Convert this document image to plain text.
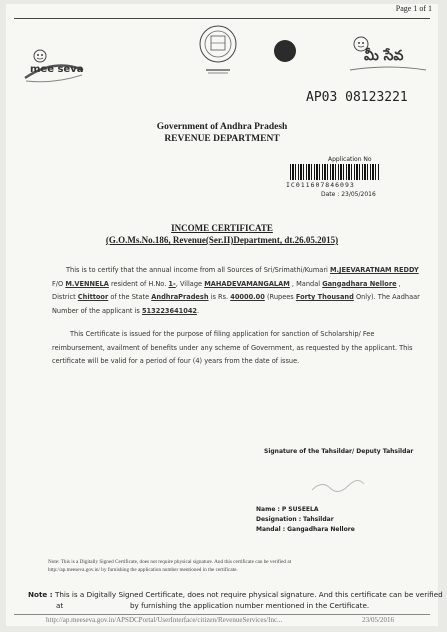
Page 1 of 1
mee seva
మీ సేవ
AP03 08123221
Government of Andhra Pradesh
REVENUE DEPARTMENT
Application No
IC011607846093
Date : 23/05/2016
INCOME CERTIFICATE
(G.O.Ms.No.186, Revenue(Ser.II)Department, dt.26.05.2015)
This is to certify that the annual income from all Sources of Sri/Srimathi/Kumari M.JEEVARATNAM REDDY F/O M.VENNELA resident of H.No. 1-, Village MAHADEVAMANGALAM , Mandal Gangadhara Nellore , District Chittoor of the State AndhraPradesh is Rs. 40000.00 (Rupees Forty Thousand Only). The Aadhaar Number of the applicant is 513223641042.
This Certificate is issued for the purpose of filing application for sanction of Scholarship/ Fee reimbursement, availment of benefits under any scheme of Government, as requested by the applicant. This certificate will be valid for a period of four (4) years from the date of issue.
Signature of the Tahsildar/ Deputy Tahsildar
Name : P SUSEELA
Designation : Tahsildar
Mandal : Gangadhara Nellore
Note: This is a Digitally Signed Certificate, does not require physical signature. And this certificate can be verified at
http://ap.meeseva.gov.in/ by furnishing the application number mentioned in the certificate.
Note : This is a Digitally Signed Certificate, does not require physical signature. And this certificate can be verified
at	by furnishing the application number mentioned in the Certificate.
http://ap.meeseva.gov.in/APSDCPortal/UserInterface/citizen/RevenueServices/Inc...	23/05/2016
